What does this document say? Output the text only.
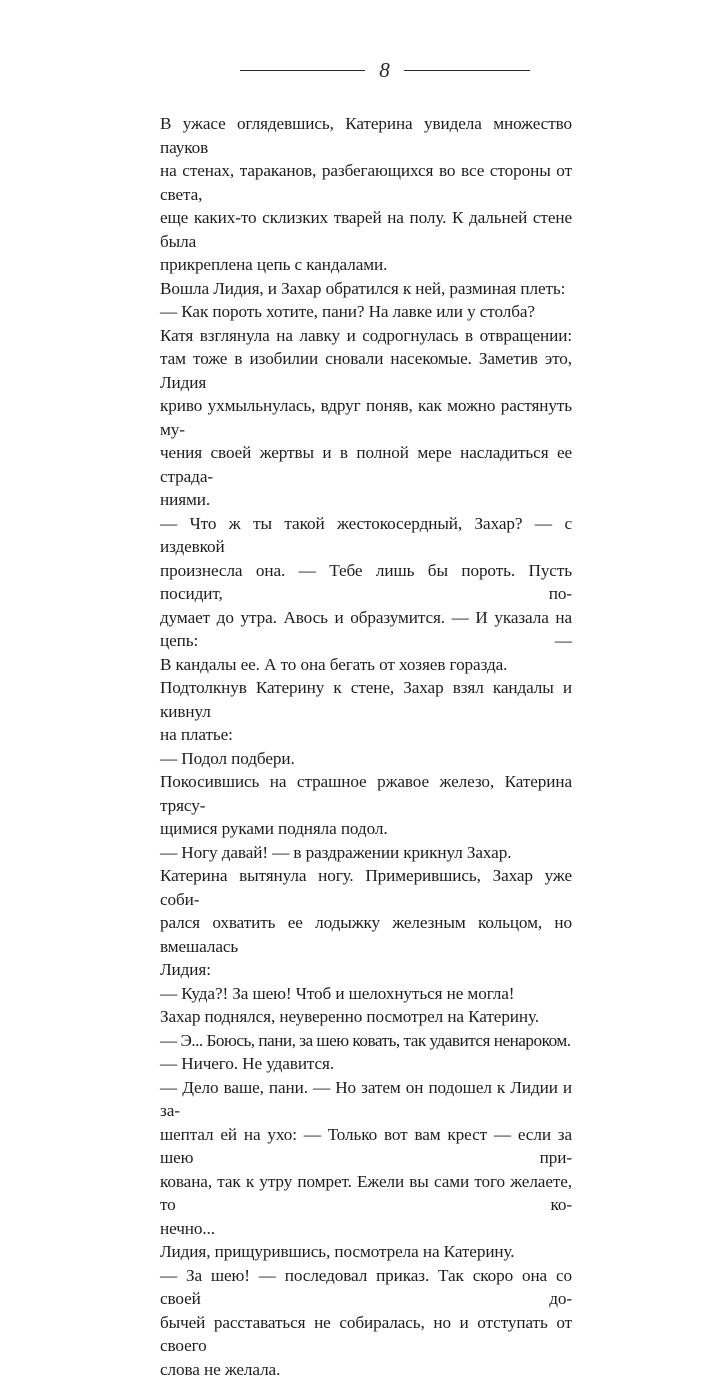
8
В ужасе оглядевшись, Катерина увидела множество пауков
на стенах, тараканов, разбегающихся во все стороны от света,
еще каких-то склизких тварей на полу. К дальней стене была
прикреплена цепь с кандалами.
Вошла Лидия, и Захар обратился к ней, разминая плеть:
— Как пороть хотите, пани? На лавке или у столба?
Катя взглянула на лавку и содрогнулась в отвращении:
там тоже в изобилии сновали насекомые. Заметив это, Лидия
криво ухмыльнулась, вдруг поняв, как можно растянуть му-
чения своей жертвы и в полной мере насладиться ее страда-
ниями.
— Что ж ты такой жестокосердный, Захар? — с издевкой
произнесла она. — Тебе лишь бы пороть. Пусть посидит, по-
думает до утра. Авось и образумится. — И указала на цепь: —
В кандалы ее. А то она бегать от хозяев горазда.
Подтолкнув Катерину к стене, Захар взял кандалы и кивнул
на платье:
— Подол подбери.
Покосившись на страшное ржавое железо, Катерина трясу-
щимися руками подняла подол.
— Ногу давай! — в раздражении крикнул Захар.
Катерина вытянула ногу. Примерившись, Захар уже соби-
рался охватить ее лодыжку железным кольцом, но вмешалась
Лидия:
— Куда?! За шею! Чтоб и шелохнуться не могла!
Захар поднялся, неуверенно посмотрел на Катерину.
— Э... Боюсь, пани, за шею ковать, так удавится ненароком.
— Ничего. Не удавится.
— Дело ваше, пани. — Но затем он подошел к Лидии и за-
шептал ей на ухо: — Только вот вам крест — если за шею при-
кована, так к утру помрет. Ежели вы сами того желаете, то ко-
нечно...
Лидия, прищурившись, посмотрела на Катерину.
— За шею! — последовал приказ. Так скоро она со своей до-
бычей расставаться не собиралась, но и отступать от своего
слова не желала.
